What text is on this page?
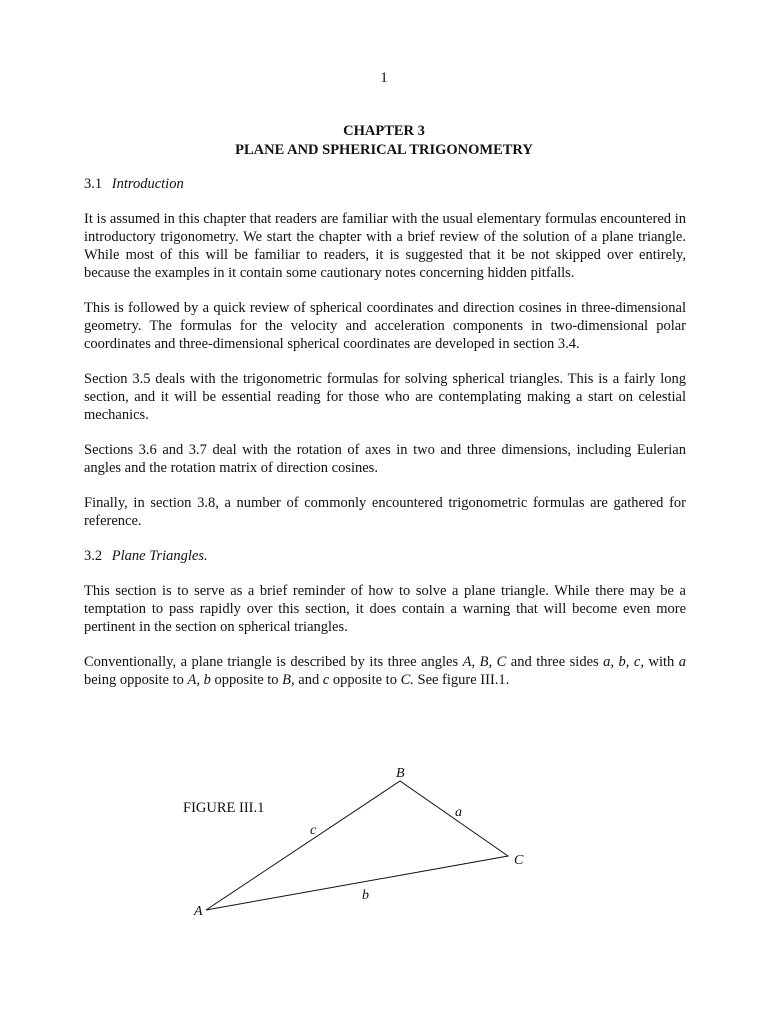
1
CHAPTER 3
PLANE AND SPHERICAL TRIGONOMETRY
3.1 Introduction

It is assumed in this chapter that readers are familiar with the usual elementary formulas encountered in introductory trigonometry. We start the chapter with a brief review of the solution of a plane triangle. While most of this will be familiar to readers, it is suggested that it be not skipped over entirely, because the examples in it contain some cautionary notes concerning hidden pitfalls.

This is followed by a quick review of spherical coordinates and direction cosines in three-dimensional geometry. The formulas for the velocity and acceleration components in two-dimensional polar coordinates and three-dimensional spherical coordinates are developed in section 3.4.

Section 3.5 deals with the trigonometric formulas for solving spherical triangles. This is a fairly long section, and it will be essential reading for those who are contemplating making a start on celestial mechanics.

Sections 3.6 and 3.7 deal with the rotation of axes in two and three dimensions, including Eulerian angles and the rotation matrix of direction cosines.

Finally, in section 3.8, a number of commonly encountered trigonometric formulas are gathered for reference.

3.2 Plane Triangles.

This section is to serve as a brief reminder of how to solve a plane triangle. While there may be a temptation to pass rapidly over this section, it does contain a warning that will become even more pertinent in the section on spherical triangles.

Conventionally, a plane triangle is described by its three angles A, B, C and three sides a, b, c, with a being opposite to A, b opposite to B, and c opposite to C. See figure III.1.

FIGURE III.1
B
C
A
a
c
b
